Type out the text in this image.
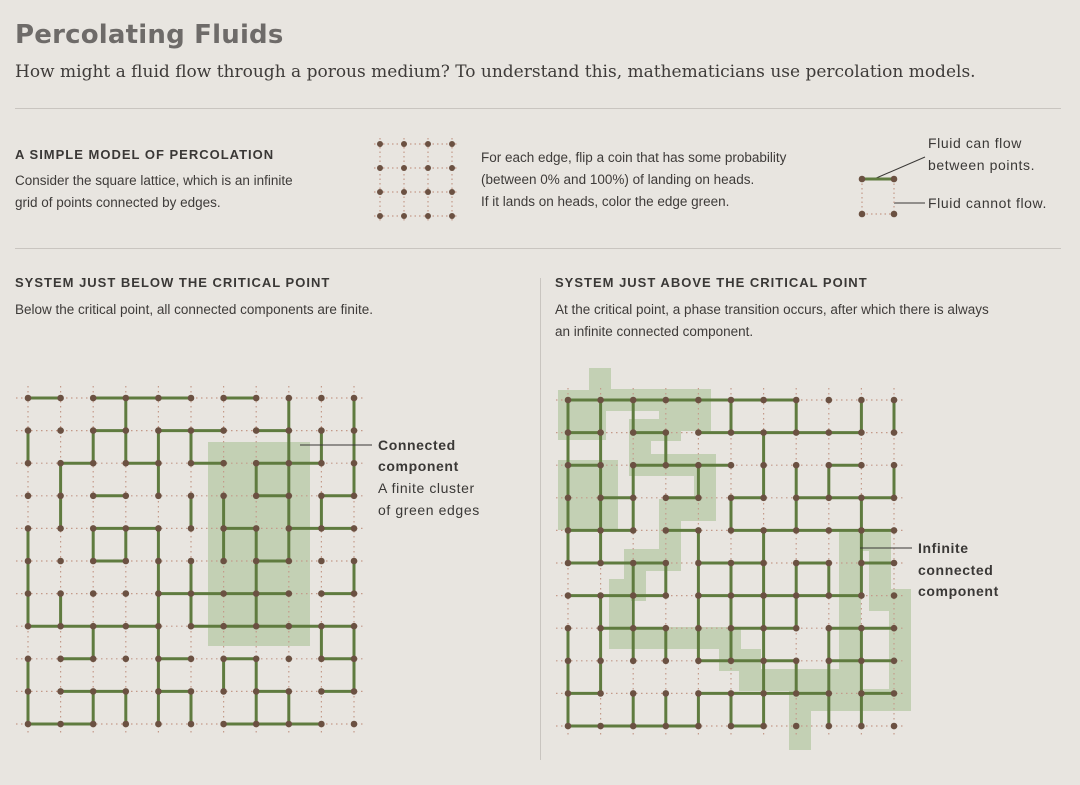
Percolating Fluids
How might a fluid flow through a porous medium? To understand this, mathematicians use percolation models.
A SIMPLE MODEL OF PERCOLATION
Consider the square lattice, which is an infinite
grid of points connected by edges.
For each edge, flip a coin that has some probability
(between 0% and 100%) of landing on heads.
If it lands on heads, color the edge green.
Fluid can flow
between points.
Fluid cannot flow.
SYSTEM JUST BELOW THE CRITICAL POINT
Below the critical point, all connected components are finite.
Connected
component
A finite cluster
of green edges
SYSTEM JUST ABOVE THE CRITICAL POINT
At the critical point, a phase transition occurs, after which there is always
an infinite connected component.
Infinite
connected
component
